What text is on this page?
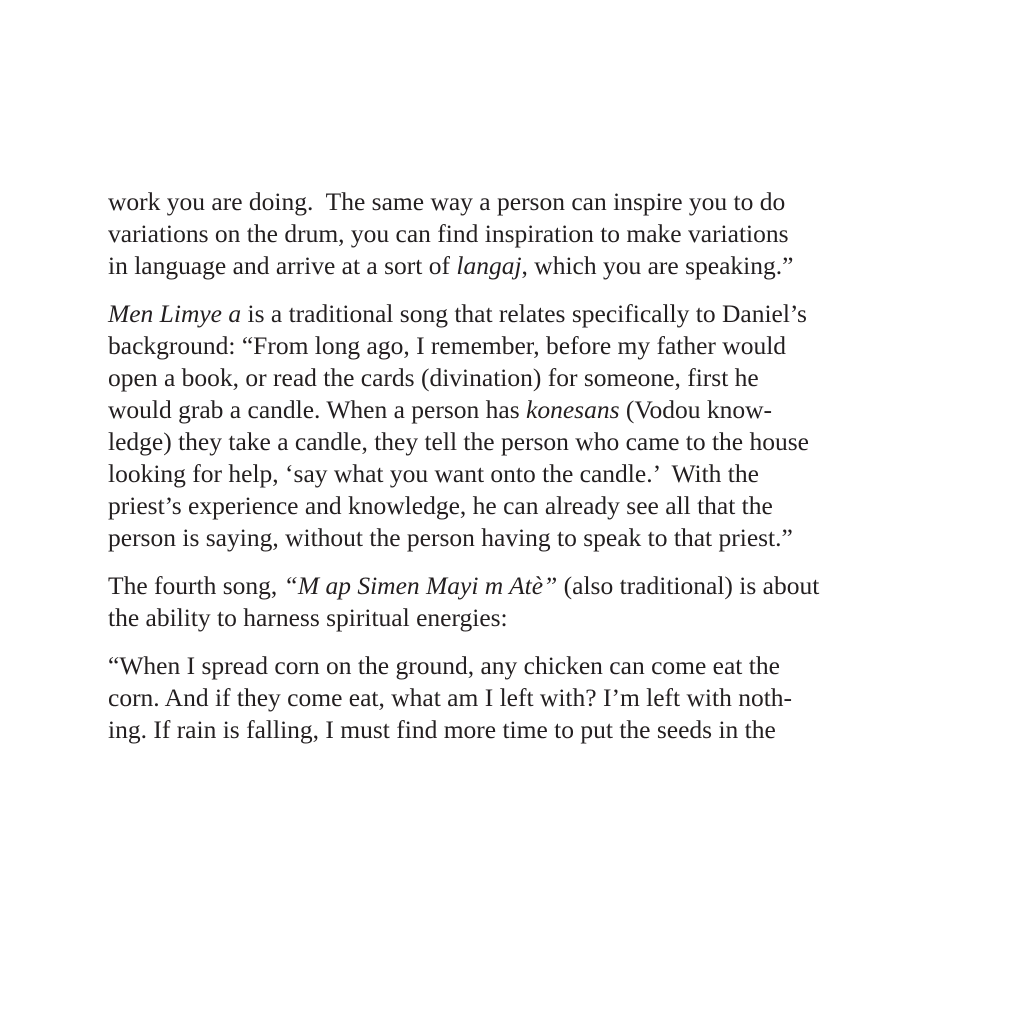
work you are doing.  The same way a person can inspire you to do
variations on the drum, you can find inspiration to make variations
in language and arrive at a sort of langaj, which you are speaking.”
Men Limye a is a traditional song that relates specifically to Daniel’s
background: “From long ago, I remember, before my father would
open a book, or read the cards (divination) for someone, first he
would grab a candle. When a person has konesans (Vodou know-
ledge) they take a candle, they tell the person who came to the house
looking for help, ‘say what you want onto the candle.’  With the
priest’s experience and knowledge, he can already see all that the
person is saying, without the person having to speak to that priest.”
The fourth song, “M ap Simen Mayi m Atè” (also traditional) is about
the ability to harness spiritual energies:
“When I spread corn on the ground, any chicken can come eat the
corn. And if they come eat, what am I left with? I’m left with noth-
ing. If rain is falling, I must find more time to put the seeds in the
